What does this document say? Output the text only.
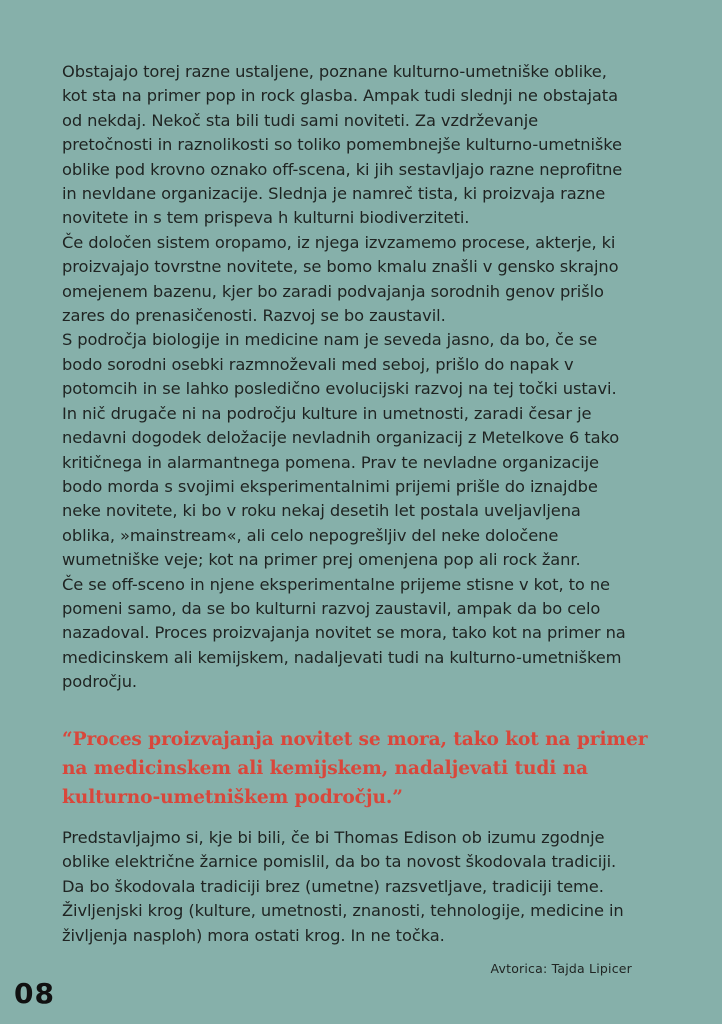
Obstajajo torej razne ustaljene, poznane kulturno-umetniške oblike,
kot sta na primer pop in rock glasba. Ampak tudi slednji ne obstajata
od nekdaj. Nekoč sta bili tudi sami noviteti. Za vzdrževanje
pretočnosti in raznolikosti so toliko pomembnejše kulturno-umetniške
oblike pod krovno oznako off-scena, ki jih sestavljajo razne neprofitne
in nevldane organizacije. Slednja je namreč tista, ki proizvaja razne
novitete in s tem prispeva h kulturni biodiverziteti.
Če določen sistem oropamo, iz njega izvzamemo procese, akterje, ki
proizvajajo tovrstne novitete, se bomo kmalu znašli v gensko skrajno
omejenem bazenu, kjer bo zaradi podvajanja sorodnih genov prišlo
zares do prenasičenosti. Razvoj se bo zaustavil.
S področja biologije in medicine nam je seveda jasno, da bo, če se
bodo sorodni osebki razmnoževali med seboj, prišlo do napak v
potomcih in se lahko posledično evolucijski razvoj na tej točki ustavi.
In nič drugače ni na področju kulture in umetnosti, zaradi česar je
nedavni dogodek deložacije nevladnih organizacij z Metelkove 6 tako
kritičnega in alarmantnega pomena. Prav te nevladne organizacije
bodo morda s svojimi eksperimentalnimi prijemi prišle do iznajdbe
neke novitete, ki bo v roku nekaj desetih let postala uveljavljena
oblika, »mainstream«, ali celo nepogrešljiv del neke določene
wumetniške veje; kot na primer prej omenjena pop ali rock žanr.
Če se off-sceno in njene eksperimentalne prijeme stisne v kot, to ne
pomeni samo, da se bo kulturni razvoj zaustavil, ampak da bo celo
nazadoval. Proces proizvajanja novitet se mora, tako kot na primer na
medicinskem ali kemijskem, nadaljevati tudi na kulturno-umetniškem
področju.
“Proces proizvajanja novitet se mora, tako kot na primer
na medicinskem ali kemijskem, nadaljevati tudi na
kulturno-umetniškem področju.”
Predstavljajmo si, kje bi bili, če bi Thomas Edison ob izumu zgodnje
oblike električne žarnice pomislil, da bo ta novost škodovala tradiciji.
Da bo škodovala tradiciji brez (umetne) razsvetljave, tradiciji teme.
Življenjski krog (kulture, umetnosti, znanosti, tehnologije, medicine in
življenja nasploh) mora ostati krog. In ne točka.
Avtorica: Tajda Lipicer
08
